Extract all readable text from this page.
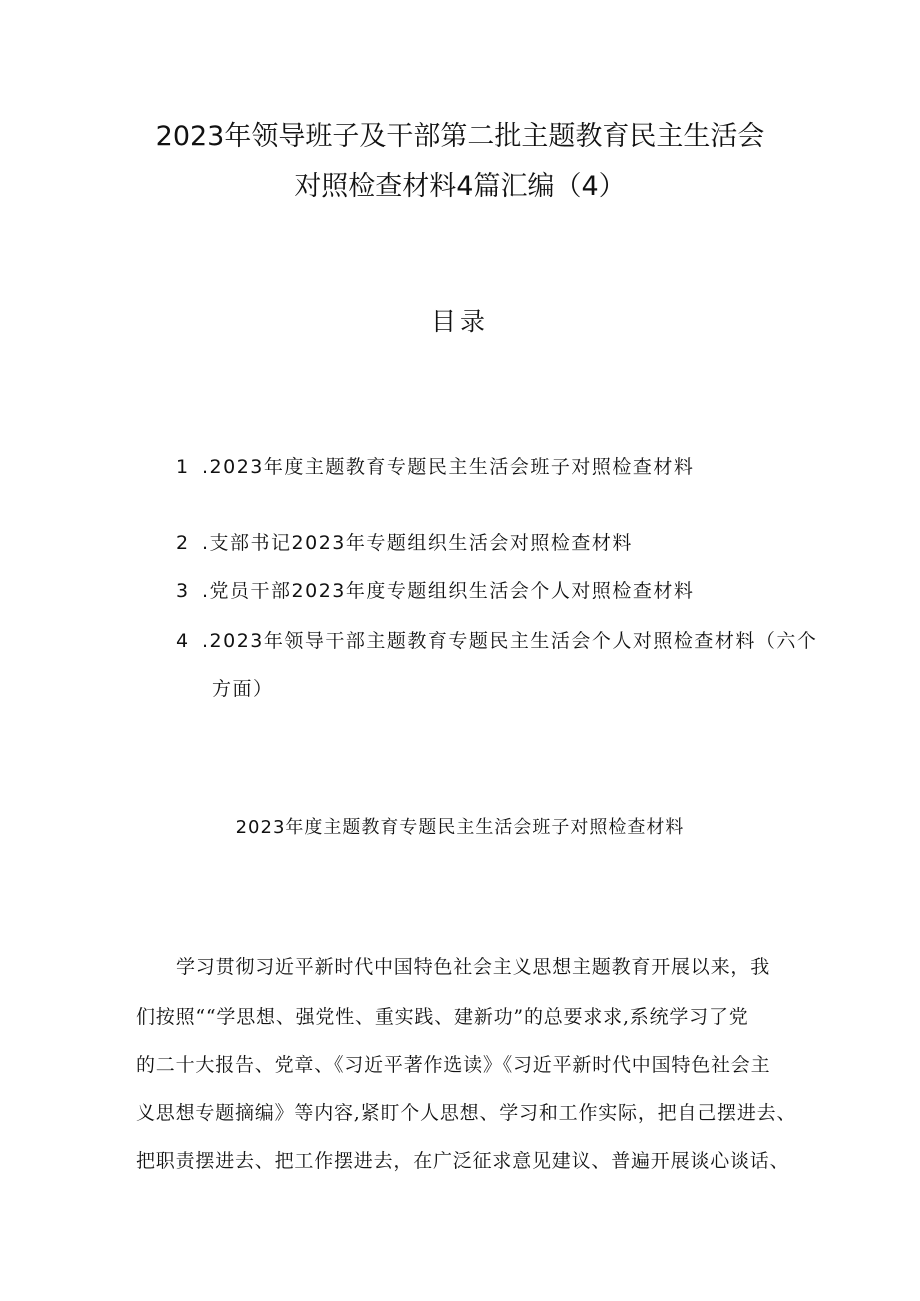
2023年领导班子及干部第二批主题教育民主生活会
对照检查材料4篇汇编（4）
目录
1 .2023年度主题教育专题民主生活会班子对照检查材料
2 .支部书记2023年专题组织生活会对照检查材料
3 .党员干部2023年度专题组织生活会个人对照检查材料
4 .2023年领导干部主题教育专题民主生活会个人对照检查材料（六个
方面）
2023年度主题教育专题民主生活会班子对照检查材料
学习贯彻习近平新时代中国特色社会主义思想主题教育开展以来，我
们按照““学思想、强党性、重实践、建新功”的总要求求,系统学习了党
的二十大报告、党章、《习近平著作选读》《习近平新时代中国特色社会主
义思想专题摘编》等内容,紧盯个人思想、学习和工作实际，把自己摆进去、
把职责摆进去、把工作摆进去，在广泛征求意见建议、普遍开展谈心谈话、
